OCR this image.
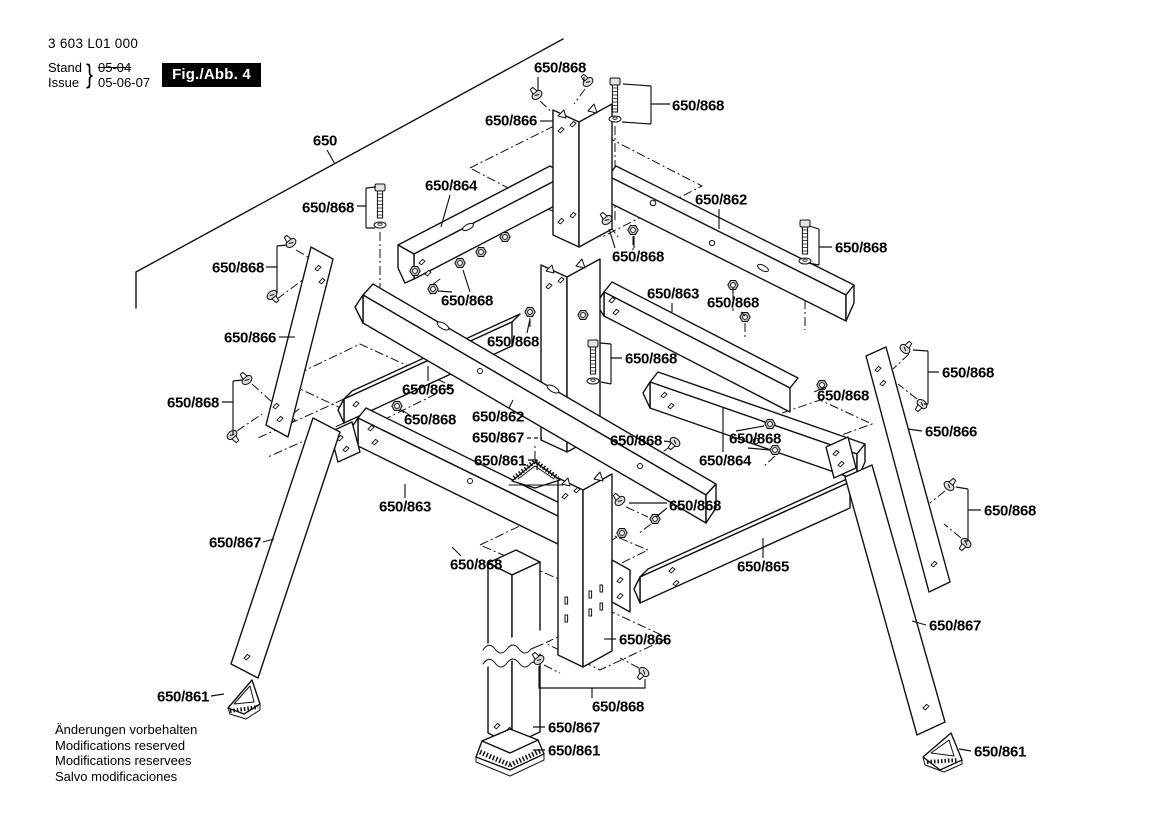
650/868
650/868
650/866
650
650/864
650/862
650/868
650/868
650/868
650/868
650/868	650/863
650/868
650/866	650/868
650/868
650/868
650/865	650/868
650/868
650/862
650/868
650/866
650/867	650/868	650/868
650/861	650/864
650/863	650/868	650/868
650/867
650/868	650/865
650/866
650/867
650/861
650/868
650/867
650/861	650/861
3 603 L01 000
Stand
Issue } 05-04
05-06-07	Fig./Abb. 4
Änderungen vorbehalten
Modifications reserved
Modifications reservees
Salvo modificaciones
